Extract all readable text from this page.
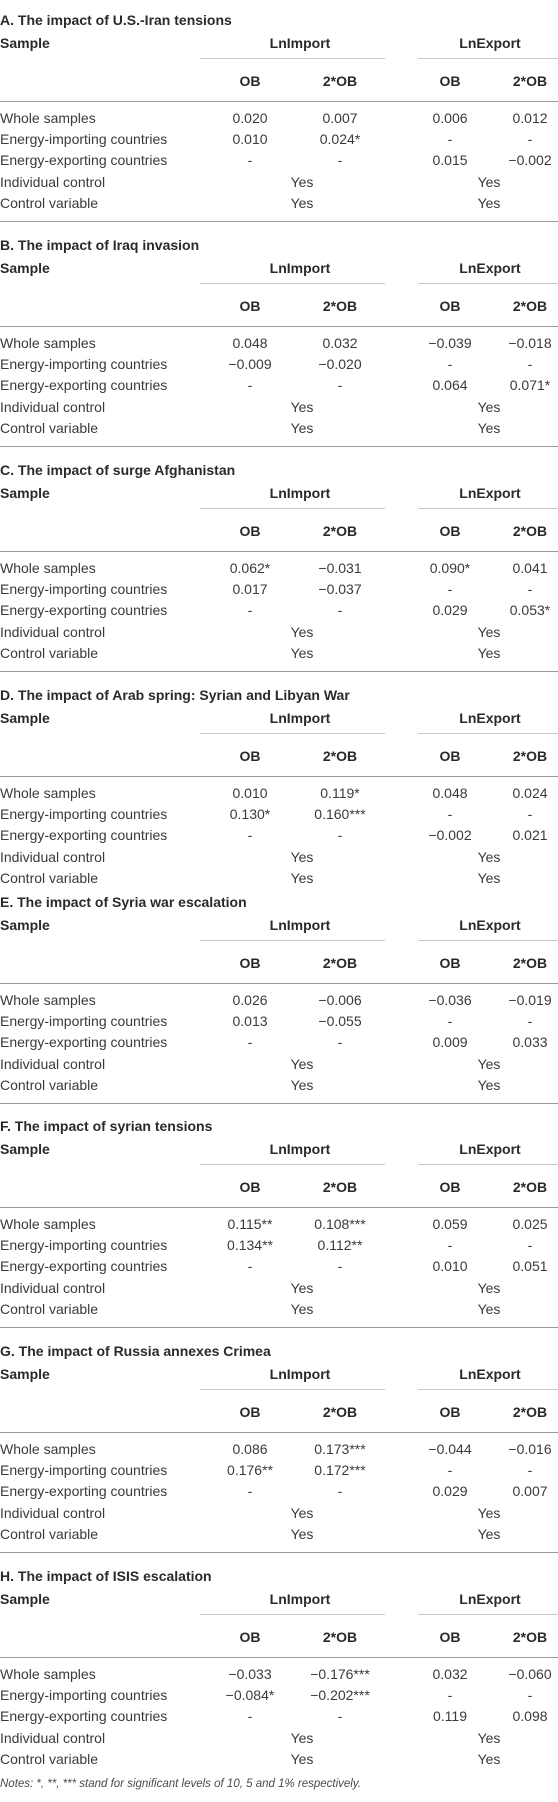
A. The impact of U.S.-Iran tensions
Sample	LnImport	LnExport
OB	2*OB	OB	2*OB
Whole samples	0.020	0.007	0.006	0.012
Energy-importing countries	0.010	0.024*	-	-
Energy-exporting countries	-	-	0.015	−0.002
Individual control	Yes	Yes
Control variable	Yes	Yes
B. The impact of Iraq invasion
Sample	LnImport	LnExport
OB	2*OB	OB	2*OB
Whole samples	0.048	0.032	−0.039	−0.018
Energy-importing countries	−0.009	−0.020	-	-
Energy-exporting countries	-	-	0.064	0.071*
Individual control	Yes	Yes
Control variable	Yes	Yes
C. The impact of surge Afghanistan
Sample	LnImport	LnExport
OB	2*OB	OB	2*OB
Whole samples	0.062*	−0.031	0.090*	0.041
Energy-importing countries	0.017	−0.037	-	-
Energy-exporting countries	-	-	0.029	0.053*
Individual control	Yes	Yes
Control variable	Yes	Yes
D. The impact of Arab spring: Syrian and Libyan War
Sample	LnImport	LnExport
OB	2*OB	OB	2*OB
Whole samples	0.010	0.119*	0.048	0.024
Energy-importing countries	0.130*	0.160***	-	-
Energy-exporting countries	-	-	−0.002	0.021
Individual control	Yes	Yes
Control variable	Yes	Yes
E. The impact of Syria war escalation
Sample	LnImport	LnExport
OB	2*OB	OB	2*OB
Whole samples	0.026	−0.006	−0.036	−0.019
Energy-importing countries	0.013	−0.055	-	-
Energy-exporting countries	-	-	0.009	0.033
Individual control	Yes	Yes
Control variable	Yes	Yes
F. The impact of syrian tensions
Sample	LnImport	LnExport
OB	2*OB	OB	2*OB
Whole samples	0.115**	0.108***	0.059	0.025
Energy-importing countries	0.134**	0.112**	-	-
Energy-exporting countries	-	-	0.010	0.051
Individual control	Yes	Yes
Control variable	Yes	Yes
G. The impact of Russia annexes Crimea
Sample	LnImport	LnExport
OB	2*OB	OB	2*OB
Whole samples	0.086	0.173***	−0.044	−0.016
Energy-importing countries	0.176**	0.172***	-	-
Energy-exporting countries	-	-	0.029	0.007
Individual control	Yes	Yes
Control variable	Yes	Yes
H. The impact of ISIS escalation
Sample	LnImport	LnExport
OB	2*OB	OB	2*OB
Whole samples	−0.033	−0.176***	0.032	−0.060
Energy-importing countries	−0.084*	−0.202***	-	-
Energy-exporting countries	-	-	0.119	0.098
Individual control	Yes	Yes
Control variable	Yes	Yes
Notes: *, **, *** stand for significant levels of 10, 5 and 1% respectively.
